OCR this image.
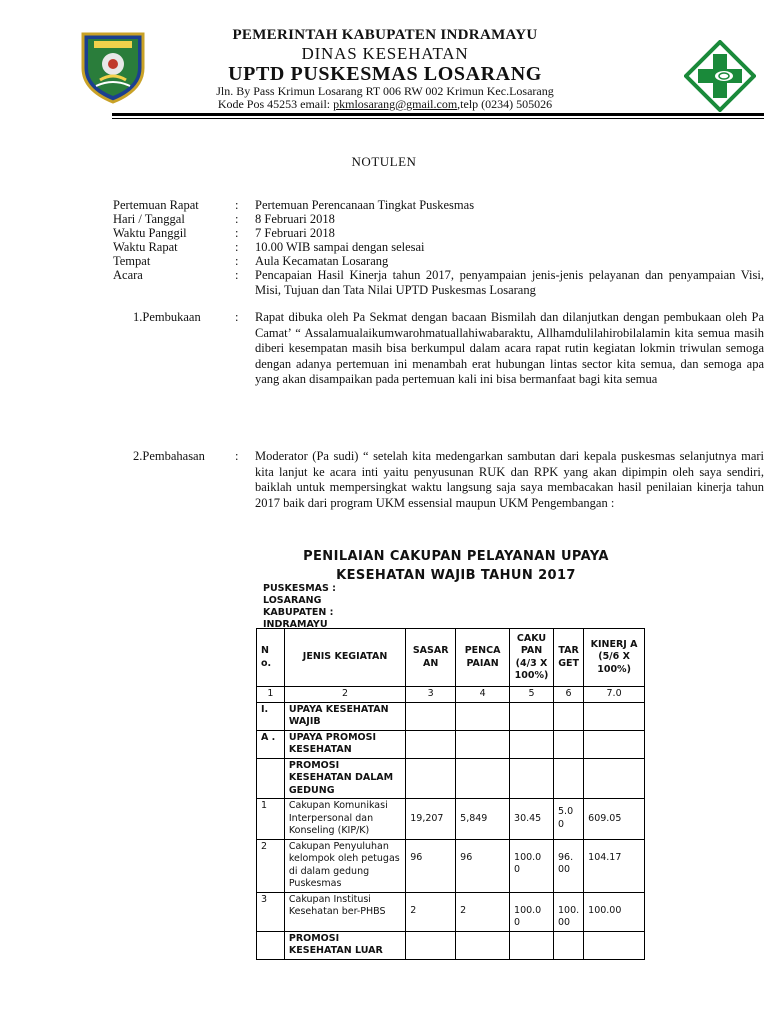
PEMERINTAH KABUPATEN INDRAMAYU
DINAS KESEHATAN
UPTD PUSKESMAS LOSARANG
Jln. By Pass Krimun Losarang RT 006 RW 002 Krimun Kec.Losarang
Kode Pos 45253 email: pkmlosarang@gmail.com,telp (0234) 505026
NOTULEN
Pertemuan Rapat	: Pertemuan Perencanaan Tingkat Puskesmas
Hari / Tanggal	: 8 Februari 2018
Waktu Panggil	: 7 Februari 2018
Waktu Rapat	: 10.00 WIB sampai dengan selesai
Tempat	: Aula Kecamatan Losarang
Acara	: Pencapaian Hasil Kinerja tahun 2017, penyampaian jenis-jenis pelayanan dan penyampaian Visi, Misi, Tujuan dan Tata Nilai UPTD Puskesmas Losarang
1.Pembukaan	: Rapat dibuka oleh Pa Sekmat dengan bacaan Bismilah dan dilanjutkan dengan pembukaan oleh Pa Camat’ “ Assalamualaikumwarohmatuallahiwabaraktu, Allhamdulilahirobilalamin kita semua masih diberi kesempatan masih bisa berkumpul dalam acara rapat rutin kegiatan lokmin triwulan semoga dengan adanya pertemuan ini menambah erat hubungan lintas sector kita semua, dan semoga apa yang akan disampaikan pada pertemuan kali ini bisa bermanfaat bagi kita semua
2.Pembahasan : Moderator (Pa sudi) “ setelah kita medengarkan sambutan dari kepala puskesmas selanjutnya mari kita lanjut ke acara inti yaitu penyusunan RUK dan RPK yang akan dipimpin oleh saya sendiri, baiklah untuk mempersingkat waktu langsung saja saya membacakan hasil penilaian kinerja tahun 2017 baik dari program UKM essensial maupun UKM Pengembangan :
PENILAIAN CAKUPAN PELAYANAN UPAYA
KESEHATAN WAJIB TAHUN 2017
PUSKESMAS :
LOSARANG
KABUPATEN :
INDRAMAYU
N o.	JENIS KEGIATAN	SASAR AN	PENCA PAIAN	CAKU PAN (4/3 X 100%)	TAR GET	KINERJ A (5/6 X 100%)
1	2	3	4	5	6	7.0
I.	UPAYA KESEHATAN WAJIB					
A .	UPAYA PROMOSI KESEHATAN					
	PROMOSI KESEHATAN DALAM GEDUNG					
1	Cakupan Komunikasi Interpersonal dan Konseling (KIP/K)	19,207	5,849	30.45	5.0 0	609.05
2	Cakupan Penyuluhan kelompok oleh petugas di dalam gedung Puskesmas	96	96	100.0 0	96. 00	104.17
3	Cakupan Institusi Kesehatan ber-PHBS	2	2	100.0 0	100. 00	100.00
	PROMOSI KESEHATAN LUAR					
